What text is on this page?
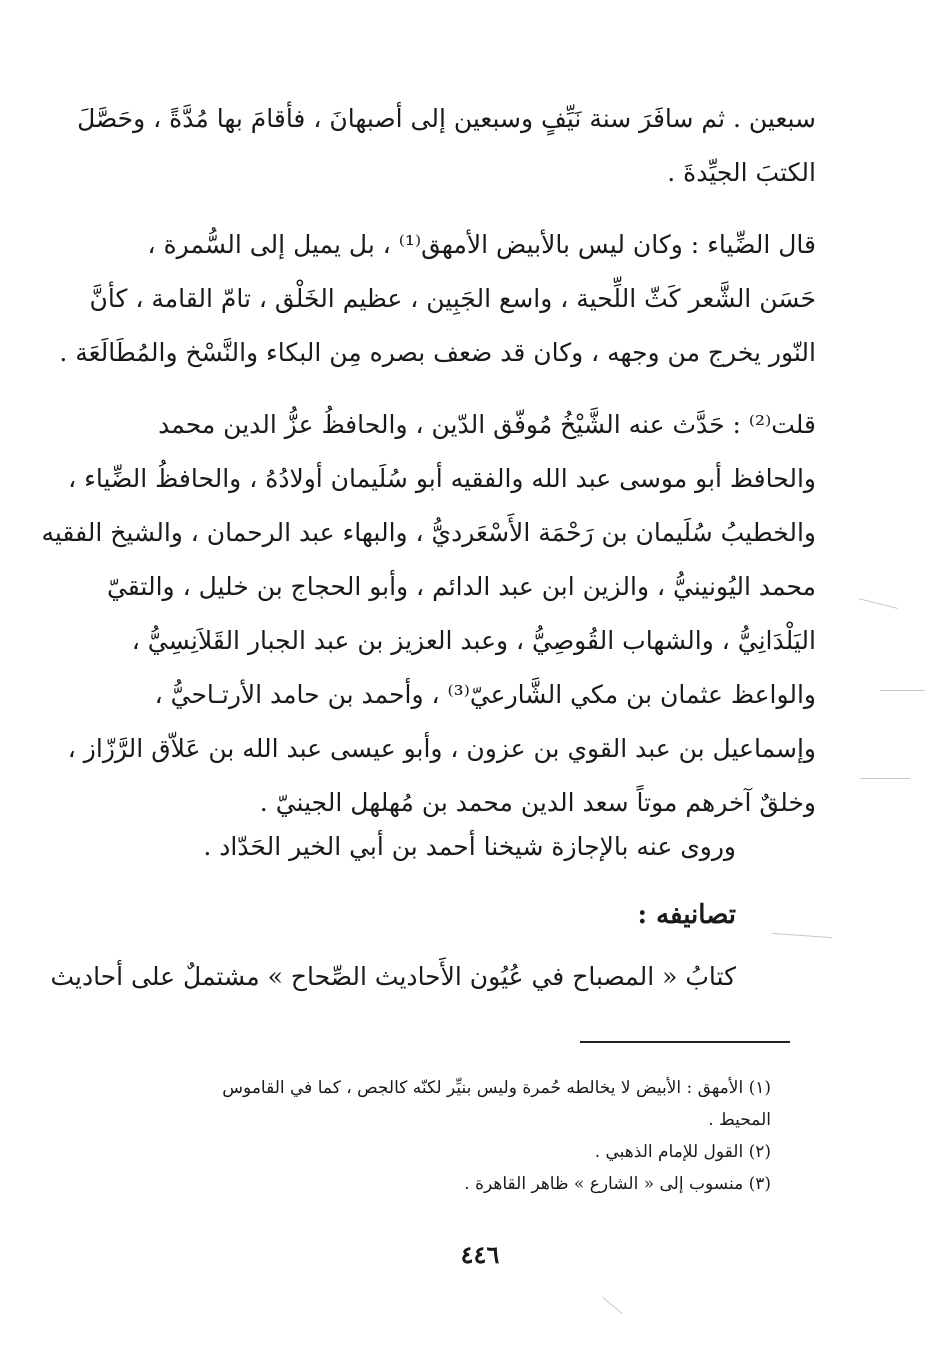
سبعين . ثم سافَرَ سنة نَيِّفٍ وسبعين إلى أصبهانَ ، فأقامَ بها مُدَّةً ، وحَصَّلَ
الكتبَ الجيِّدةَ .
قال الضِّياء : وكان ليس بالأبيض الأمهق⁽¹⁾ ، بل يميل إلى السُّمرة ،
حَسَن الشَّعر كَثّ اللِّحية ، واسع الجَبِين ، عظيم الخَلْق ، تامّ القامة ، كأنَّ
النّور يخرج من وجهه ، وكان قد ضعف بصره مِن البكاء والنَّسْخ والمُطَالَعَة .
قلت⁽²⁾ : حَدَّث عنه الشَّيْخُ مُوفّق الدّين ، والحافظُ عزُّ الدين محمد
والحافظ أبو موسى عبد الله والفقيه أبو سُلَيمان أولادُهُ ، والحافظُ الضِّياء ،
والخطيبُ سُلَيمان بن رَحْمَة الأَسْعَرديُّ ، والبهاء عبد الرحمان ، والشيخ الفقيه
محمد اليُونينيُّ ، والزين ابن عبد الدائم ، وأبو الحجاج بن خليل ، والتقيّ
اليَلْدَانِيُّ ، والشهاب القُوصِيُّ ، وعبد العزيز بن عبد الجبار القَلاَنِسِيُّ ،
والواعظ عثمان بن مكي الشَّارعيّ⁽³⁾ ، وأحمد بن حامد الأرتـاحيُّ ،
وإسماعيل بن عبد القوي بن عزون ، وأبو عيسى عبد الله بن عَلاّق الرَّزّاز ،
وخلقٌ آخرهم موتاً سعد الدين محمد بن مُهلهل الجينيّ .
وروى عنه بالإجازة شيخنا أحمد بن أبي الخير الحَدّاد .
تصانيفه :
كتابُ « المصباح في عُيُون الأَحاديث الصِّحاح » مشتملٌ على أحاديث
(١) الأمهق : الأبيض لا يخالطه حُمرة وليس بنيِّر لكنّه كالجص ، كما في القاموس
المحيط .
(٢) القول للإمام الذهبي .
(٣) منسوب إلى « الشارع » ظاهر القاهرة .
٤٤٦
